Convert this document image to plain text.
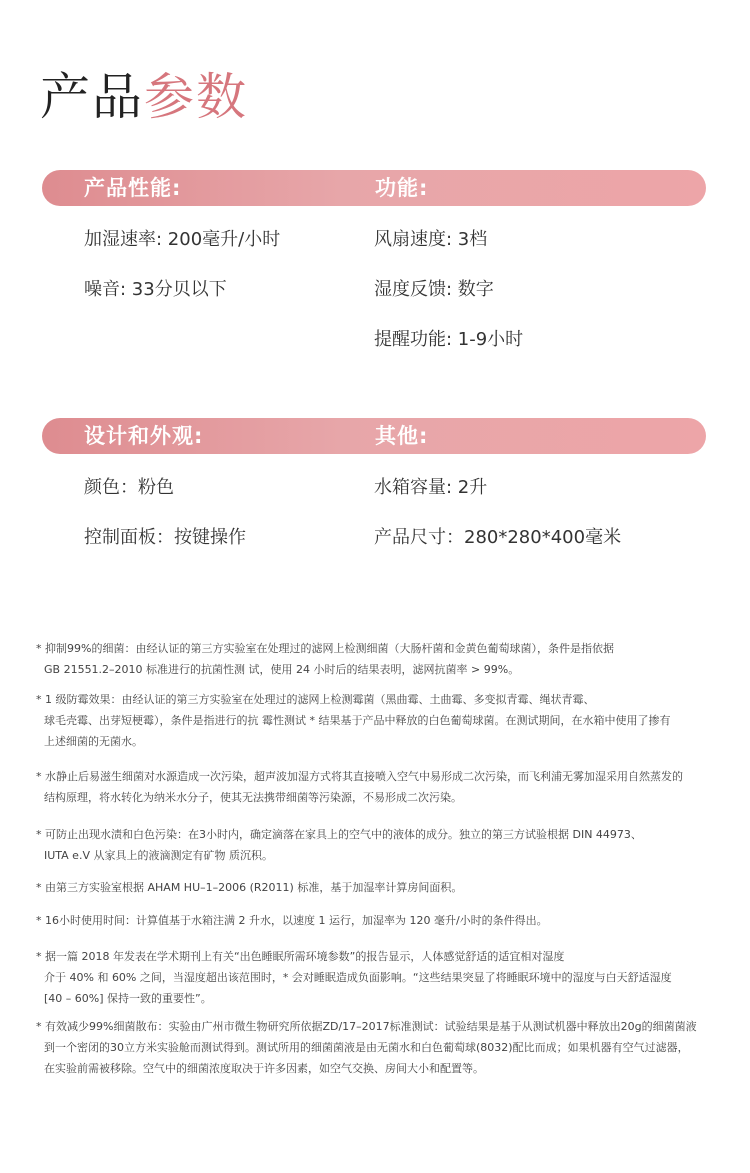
产品参数
产品性能:	功能:
加湿速率: 200毫升/小时
噪音: 33分贝以下
风扇速度: 3档
湿度反馈: 数字
提醒功能: 1-9小时
设计和外观:	其他:
颜色：粉色
控制面板：按键操作
水箱容量: 2升
产品尺寸：280*280*400毫米
* 抑制99%的细菌：由经认证的第三方实验室在处理过的滤网上检测细菌（大肠杆菌和金黄色葡萄球菌），条件是指依据
GB 21551.2–2010 标准进行的抗菌性测 试，使用 24 小时后的结果表明，滤网抗菌率 > 99%。
* 1 级防霉效果：由经认证的第三方实验室在处理过的滤网上检测霉菌（黑曲霉、土曲霉、多变拟青霉、绳状青霉、
球毛壳霉、出芽短梗霉），条件是指进行的抗 霉性测试 * 结果基于产品中释放的白色葡萄球菌。在测试期间，在水箱中使用了掺有
上述细菌的无菌水。
* 水静止后易滋生细菌对水源造成一次污染，超声波加湿方式将其直接喷入空气中易形成二次污染，而飞利浦无雾加湿采用自然蒸发的
结构原理，将水转化为纳米水分子，使其无法携带细菌等污染源，不易形成二次污染。
* 可防止出现水渍和白色污染：在3小时内，确定滴落在家具上的空气中的液体的成分。独立的第三方试验根据 DIN 44973、
IUTA e.V 从家具上的液滴测定有矿物 质沉积。
* 由第三方实验室根据 AHAM HU–1–2006 (R2011) 标准，基于加湿率计算房间面积。
* 16小时使用时间：计算值基于水箱注满 2 升水，以速度 1 运行，加湿率为 120 毫升/小时的条件得出。
* 据一篇 2018 年发表在学术期刊上有关“出色睡眠所需环境参数”的报告显示，人体感觉舒适的适宜相对湿度
介于 40% 和 60% 之间，当湿度超出该范围时，* 会对睡眠造成负面影响。“这些结果突显了将睡眠环境中的湿度与白天舒适湿度
[40 – 60%] 保持一致的重要性”。
* 有效减少99%细菌散布：实验由广州市微生物研究所依据ZD/17–2017标准测试：试验结果是基于从测试机器中释放出20g的细菌菌液
到一个密闭的30立方米实验舱而测试得到。测试所用的细菌菌液是由无菌水和白色葡萄球(8032)配比而成；如果机器有空气过滤器，
在实验前需被移除。空气中的细菌浓度取决于许多因素，如空气交换、房间大小和配置等。
